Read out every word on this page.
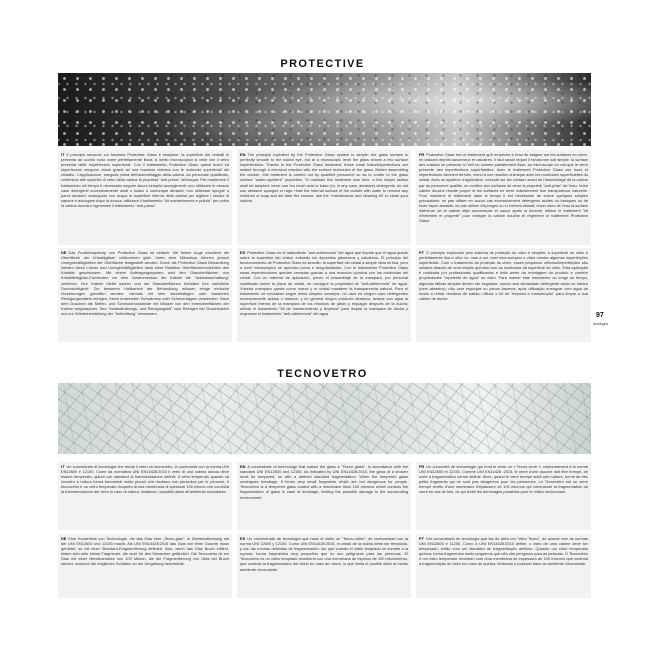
PROTECTIVE
IT Il principio secondo cui funziona Protective Glass è semplice: la superficie dei cristalli si presenta ad occhio nudo come perfettamente liscia; a livello microscopico si vede che il vetro presenta delle imperfezioni superficiali. Con il trattamento Protective Glass questi buchi ed imperfezioni vengono chiusi grazie ad una reazione chimica con le molecole superficiali del cristallo. L'applicazione, eseguita prima dell'assemblaggio della cabina, da personale qualificato, conferisce alle superfici di vetro della cabina la proprietà "anti-presa" dell'acqua. Per mantenere il trattamento nel tempo è necessario seguire alcuni semplici accorgimenti: non utilizzare in nessun caso detergenti eccessivamente acidi o basici o comunque abrasivi; non utilizzare spugne o panni abrasivi; sciacquare con acqua la superficie interna della cabina per togliere i residui di sapone e asciugare dopo la doccia; utilizzare il trattamento "kit mantenimento e pulizia" per pulire la cabina doccia e rigenerare il trattamento "anti-presa".
EN The principle exploited by the Protective Glass system is simple: the glass surface is perfectly smooth to the naked eye, but at a microscopic level the glass shows a few surface imperfections. Thanks to the Protective Glass treatment, these small holes/imperfections are sealed through a chemical reaction with the surface molecules of the glass. Before assembling the cubicle, this treatment is carried out by qualified personnel so as to confer to the glass surface "water-repellent" properties. To maintain this treatment over time, a few simple tactics shall be adopted: never use too much acid or basic (or, in any case, abrasive) detergents; do not use abrasive sponges or rags; rinse the internal surface of the cubicle with water to remove any residues of soap and dirt after the shower; use the "maintenance and cleaning kit" to clean your cubicle.
FR Protective Glass est un traitement qu'il empêche à l'eau de stagner sur les surfaces en verre, en laissant depôts savonneux et calcaires. Il faut savoir lequel il fonctionne soit simple: la surface des cristaux se présente à l'oeil nu comme parfaitement lisse; au microscope on voit que le verre présente des imperfections superficielles. Avec le traitement Protective Glass ces trous et imperfections viennent fermés, merci à une réaction chimique avec les molécules superficielles du cristal. Avec un système d'application, exécuté sur les cristaux avant de l'assemblage de la cabine par du personnel qualifié, on confère aux surfaces de verre la propriété "anti-prise" de l'eau. Votre cabine douche résulte propre et les surfaces en verre maintiennent leur transparence naturelle. Pour maintenir le traitement dans le temps il est nécessaire de suivre quelques simples précautions: ne pas utiliser en aucun cas excessivement détergents acides ou basiques ou de toute façon abrasifs; ne pas utiliser d'éponges ou lu crémes abrasif; rincer avec de l'eau la surface intérieure de la cabine déjà savonneuse et sauvé après la douche; utiliser le traitement "kit d'entretien et propreté" pour nettoyer la cabine douche et régénérer le traitement Protective Glass.
DE Das Funktionsprinzip von Protective Glass ist einfach: Mit freiem Auge erscheint die Oberfläche der Kristallgläser vollkommen glatt. Unter dem Mikroskop können jedoch Unregelmäßigkeiten der Oberfläche festgestellt werden. Durch die Protective Glass Behandlung werden diese Löcher und Unregelmäßigkeiten dank einer Reaktion Oberflächenmolekülen des Kristalls geschlossen. Mit einem Auftragungssystem wird den Glasoberflächen von Kristallfertigbau-Fachleuten vor dem Zusammenbau der Kabine die "Antiwasserhaftung" verliehen. Ihre Kabine bleibt sauber und die Glasoberflächen behalten ihre natürliche Durchsichtigkeit. Zur besseren Haltbarkeit der Behandlung müssen einige einfache Vorkehrungen getroffen werden: niemals mit sehr säurehaltigen oder basischen Reinigungsmitteln reinigen. Keine kratzenden Schwämme oder Scheuerlappen verwenden. Nach dem Duschen die Seifen- und Schmutzrückstände mit Wasser von den Innenoberflächen der Kabine wegwaschen. Den "Instandhaltungs- und Reinigungskit" zum Reinigen der Duschkabine und zur Wiederherstellung der "Antihaftung" verwenden.
ES Protective Glass es el tratamiento "anti-adherencia" del agua que impide que el agua quede sobre la superficie del cristal, evitando los depósitos jabonosos y calcáreos. El principio del funcionamiento de Protective Glass es sencillo: la superficie del cristal a simple vista es lisa, pero a nivel microscópico se aprecian poros e irregularidades. Con el tratamiento Protective Glass estas imperfecciones quedan cerradas gracias a una reacción química con las moléculas del cristal. Con un sistema de aplicación, previo el ensamblaje de la mampara, por personal cualificado sobre la placa de cristal, se consigue la propiedad de "anti-adherencia" de agua. Vuestra mampara queda como nueva y el cristal mantiene la transparencia natural. Para el tratamiento se necesitan seguir estos simples consejos: no usar en ningún caso detergentes excesivamente ácidos o básicos, y en general ningún producto abrasivo; aclarar con agua la superficie interna de la mampara de los residuos de jabón y enjuagar después de la ducha; utilizar el tratamiento "kit de mantenimiento y limpieza" para limpiar la mampara de ducha y regenerar el tratamiento "anti-adherencia" del agua.
PT O princípio explorado pelo sistema de proteção do vidro é simples: a superfície do vidro é perfeitamente lisa a olho nu, mas a um nível microscópico o vidro mostra algumas imperfeições superficiais. Com o tratamento da proteção do vidro, esses pequenos orifícios/imperfeições são selados através de uma reação química com as moléculas da superfície do vidro. Esta aplicação é realizada por profissionais qualificados e feita antes da montagem do produto e confere propriedades "repelente de água" ao vidro. Para manter este tratamento ao longo do tempo, algumas táticas simples devem ser seguidas: nunca usar demasiado detergente ácido ou básico (nem abrasivo); não usar esponjas ou panos ásperos; após utilização enxaguar com água de modo a retirar resíduos de sabão; utilizar o kit de "limpeza e manutenção" para limpar a sua cabine de duche.
97
demegius
TECNOVETRO
IT Un concentrato di tecnologia che rende il vetro un tecnovetro, in conformità con la norma UNI EN12600 e 12150. Come da normativa UNI EN14428:2015 il vetro di una cabina doccia deve essere temperato, quindi con standard di frammentazione definiti. Il vetro temperato quando va incontro a rottura forma frammenti molto piccoli che risultano non pericolosi per le persone. Il tecnovetro è un vetro temperato ricoperto di una membrana di spessore 100 micron che controlla la frammentazione del vetro in caso di rottura, limitando i possibili danni all'ambiente circostante.
EN A concentrate of technology that makes the glass a "Tecno glass", in accordance with the standard UNI EN12600 and 12150. As indicated by UNI EN14428:2015, the glass of a shower must be tempered, so with a defined standard fragmentation. When the tempered glass undergoes breakage, it forms very small fragments which are not dangerous for people. Tecnovetro is a tempered glass coated with a membrane thick 100 microns which controls the fragmentation of glass in case of breakage, limiting the possible damage to the surrounding environment.
FR Un concentré de technologie qui rend le verre un « Tecno-verre », conformément à la norme UNI EN12600 et 12150. Comme UNI EN14428 :2015, le verre d'une douche doit être trempé, de sorte à fragmentation norme définie. Alors, quand le verre trempé subit une rupture, forme de très petits fragments qui ne sont pas dangereux pour les personnes. Le Tecnovetro est un verre trempé revêtu d'une membrane d'épaisseur de 100 microns qui commande la fragmentation du verre en cas de bris, ce qui limite les dommages possibles pour le milieu environnant.
DE Eine Konzentrat von Technologie, die das Glas eine „Tecno-glas", in Übereinstimmung mit der UNI EN12600 und 12150 macht. Als UNI EN14428:2015 das Glas von einer Dusche muss gehärtet, so mit einer Standard-Fragmentierung definiert. Also, wenn das Glas Bruch erfährt, bilden sich sehr kleine Fragmente, die nicht für den Menschen gefährlich. Die Tecnovetro ist ein Glas mit einer Membrandicke von 100 Mikron, die die Fragmentierung von Glas bei Bruch steuert, wodurch die möglichen Schäden an der Umgebung beschränkt.
ES Un concentrado de tecnología que hace el vidrio un "Tecno-vidrio", de conformidad con la norma UNI 12600 y 12150. Como UNI EN14428:2015, el cristal de la ducha debe ser templado, y con las normas definidas de fragmentación. Así que cuando el vidrio templado se somete a la ruptura, forma fragmentos muy pequeños que no son peligrosos para las personas. El Tecnovetro es un vidrio templado recubierto con una membrana de espesor de 100 micrómetros, que controla la fragmentación del vidrio en caso de rotura, lo que limita el posible daño al medio ambiente circundante.
PT Um concentrado de tecnologia que faz do vidro um "vidro Tecno", de acordo com as normas UNI EN12600 e 11250. Como a UNI EN14428:2015 define, o vidro de uma cabine deve ser temperado, então com um standard de fragmentação definido. Quando um vidro temperado quebra, forma fragmentos muito pequenos que não são perigosos para as pessoas. O Tecnovetro é um vidro temperado revestido com uma membrana de espessura de 100 mícrons que controla a fragmentação do vidro em caso de quebra, limitando o possível dano ao ambiente circundante.
